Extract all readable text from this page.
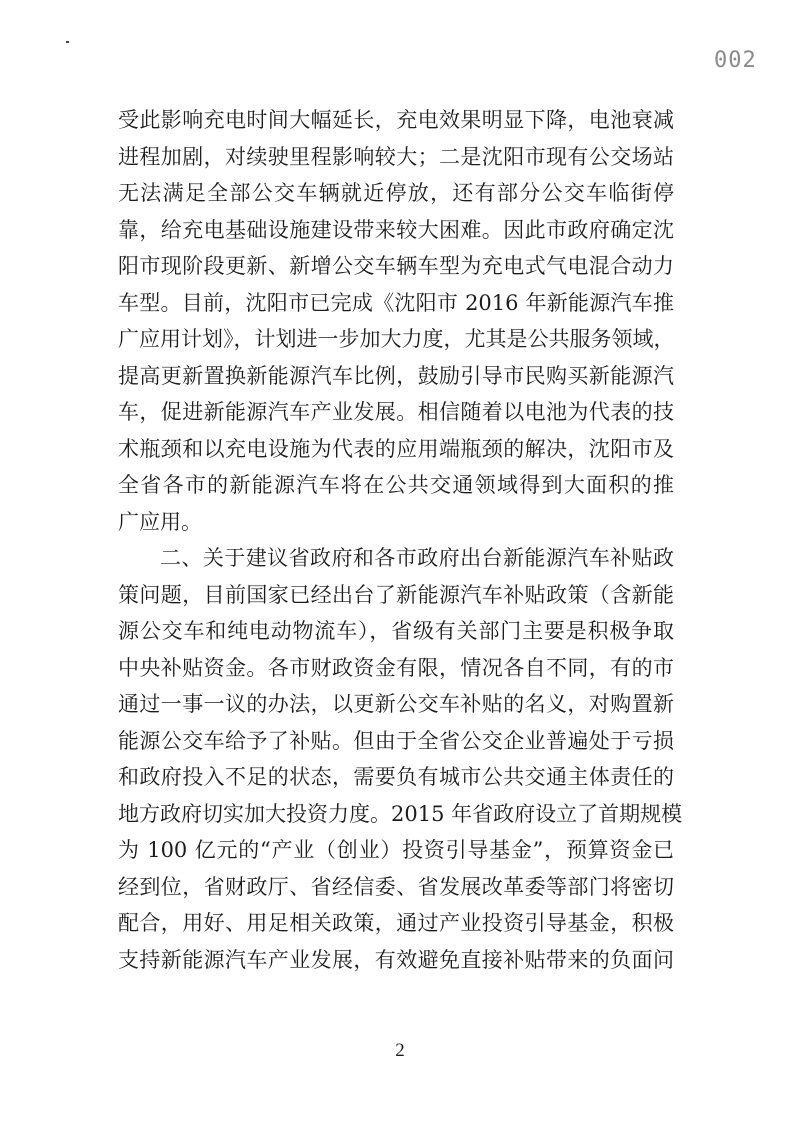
002
受此影响充电时间大幅延长，充电效果明显下降，电池衰减
进程加剧，对续驶里程影响较大；二是沈阳市现有公交场站
无法满足全部公交车辆就近停放，还有部分公交车临街停
靠，给充电基础设施建设带来较大困难。因此市政府确定沈
阳市现阶段更新、新增公交车辆车型为充电式气电混合动力
车型。目前，沈阳市已完成《沈阳市 2016 年新能源汽车推
广应用计划》，计划进一步加大力度，尤其是公共服务领域，
提高更新置换新能源汽车比例，鼓励引导市民购买新能源汽
车，促进新能源汽车产业发展。相信随着以电池为代表的技
术瓶颈和以充电设施为代表的应用端瓶颈的解决，沈阳市及
全省各市的新能源汽车将在公共交通领域得到大面积的推
广应用。
二、关于建议省政府和各市政府出台新能源汽车补贴政
策问题，目前国家已经出台了新能源汽车补贴政策（含新能
源公交车和纯电动物流车），省级有关部门主要是积极争取
中央补贴资金。各市财政资金有限，情况各自不同，有的市
通过一事一议的办法，以更新公交车补贴的名义，对购置新
能源公交车给予了补贴。但由于全省公交企业普遍处于亏损
和政府投入不足的状态，需要负有城市公共交通主体责任的
地方政府切实加大投资力度。2015 年省政府设立了首期规模
为 100 亿元的“产业（创业）投资引导基金”，预算资金已
经到位，省财政厅、省经信委、省发展改革委等部门将密切
配合，用好、用足相关政策，通过产业投资引导基金，积极
支持新能源汽车产业发展，有效避免直接补贴带来的负面问
2
